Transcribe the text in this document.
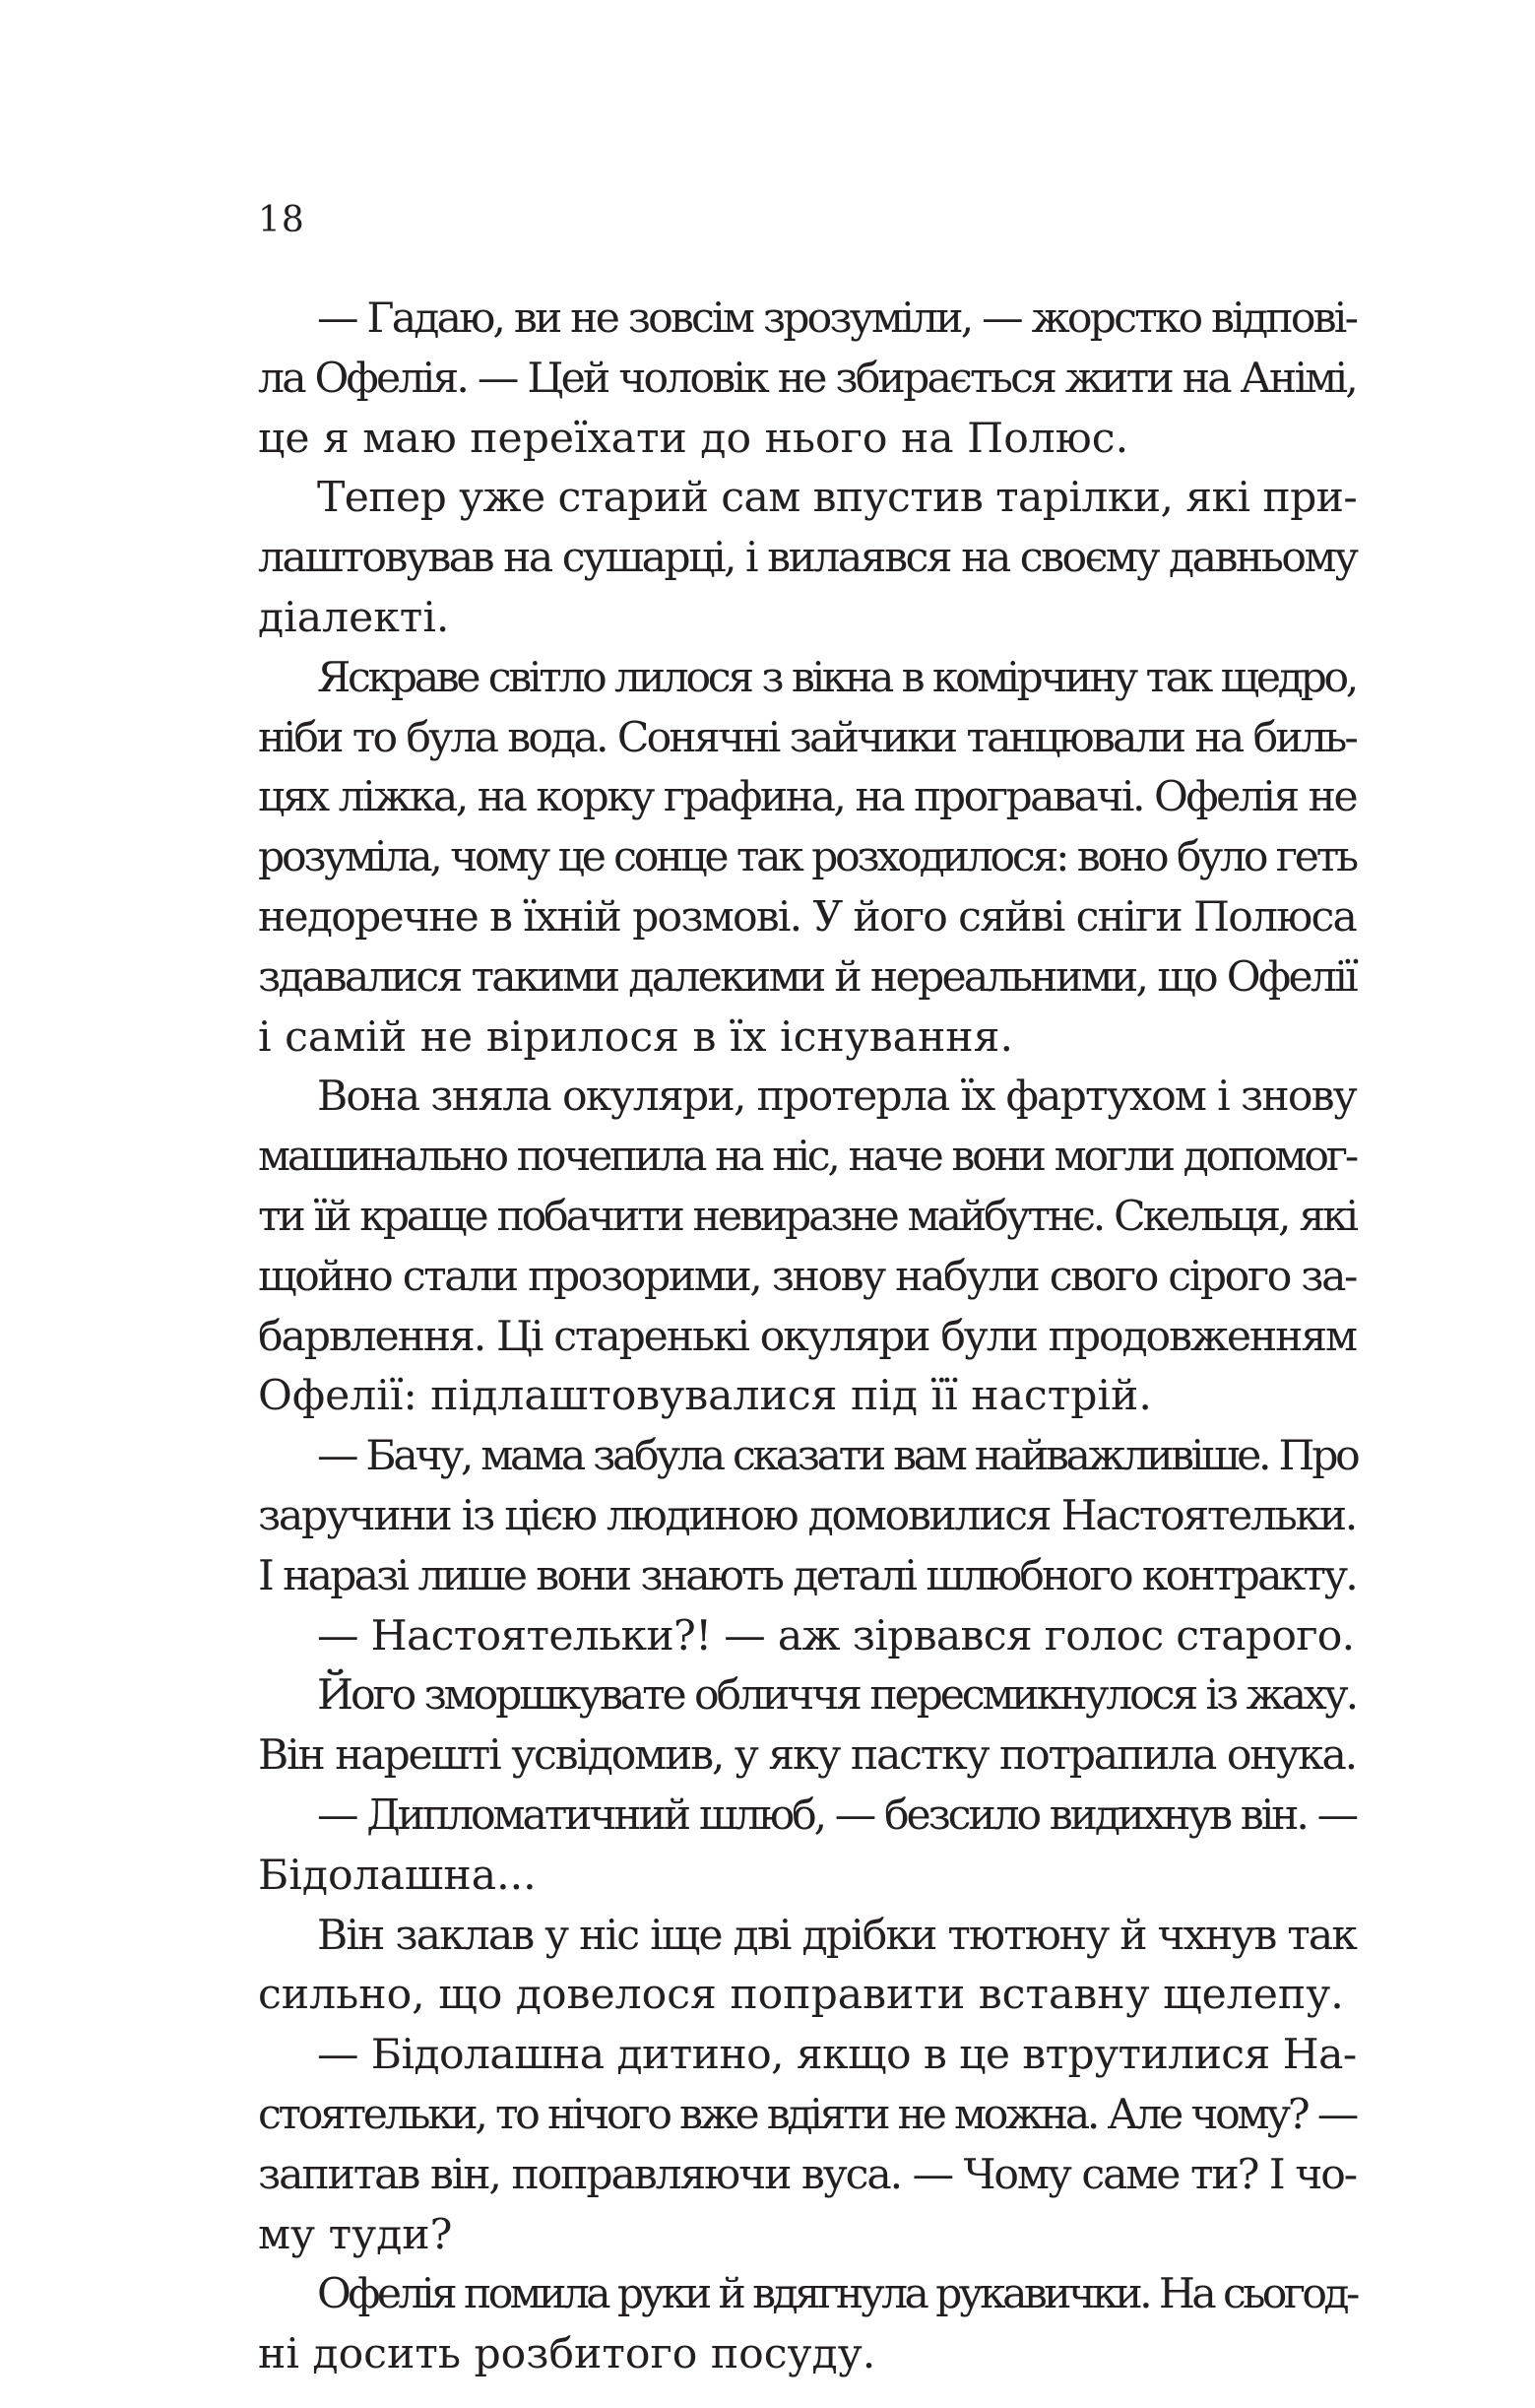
18
— Гадаю, ви не зовсім зрозуміли, — жорстко відпові-
ла Офелія. — Цей чоловік не збирається жити на Анімі,
це я маю переїхати до нього на Полюс.
Тепер уже старий сам впустив тарілки, які при-
лаштовував на сушарці, і вилаявся на своєму давньому
діалекті.
Яскраве світло лилося з вікна в комірчину так щедро,
ніби то була вода. Сонячні зайчики танцювали на биль-
цях ліжка, на корку графина, на програвачі. Офелія не
розуміла, чому це сонце так розходилося: воно було геть
недоречне в їхній розмові. У його сяйві сніги Полюса
здавалися такими далекими й нереальними, що Офелії
і самій не вірилося в їх існування.
Вона зняла окуляри, протерла їх фартухом і знову
машинально почепила на ніс, наче вони могли допомог-
ти їй краще побачити невиразне майбутнє. Скельця, які
щойно стали прозорими, знову набули свого сірого за-
барвлення. Ці старенькі окуляри були продовженням
Офелії: підлаштовувалися під її настрій.
— Бачу, мама забула сказати вам найважливіше. Про
заручини із цією людиною домовилися Настоятельки.
І наразі лише вони знають деталі шлюбного контракту.
— Настоятельки?! — аж зірвався голос старого.
Його зморшкувате обличчя пересмикнулося із жаху.
Він нарешті усвідомив, у яку пастку потрапила онука.
— Дипломатичний шлюб, — безсило видихнув він. —
Бідолашна...
Він заклав у ніс іще дві дрібки тютюну й чхнув так
сильно, що довелося поправити вставну щелепу.
— Бідолашна дитино, якщо в це втрутилися На-
стоятельки, то нічого вже вдіяти не можна. Але чому? —
запитав він, поправляючи вуса. — Чому саме ти? І чо-
му туди?
Офелія помила руки й вдягнула рукавички. На сьогод-
ні досить розбитого посуду.
